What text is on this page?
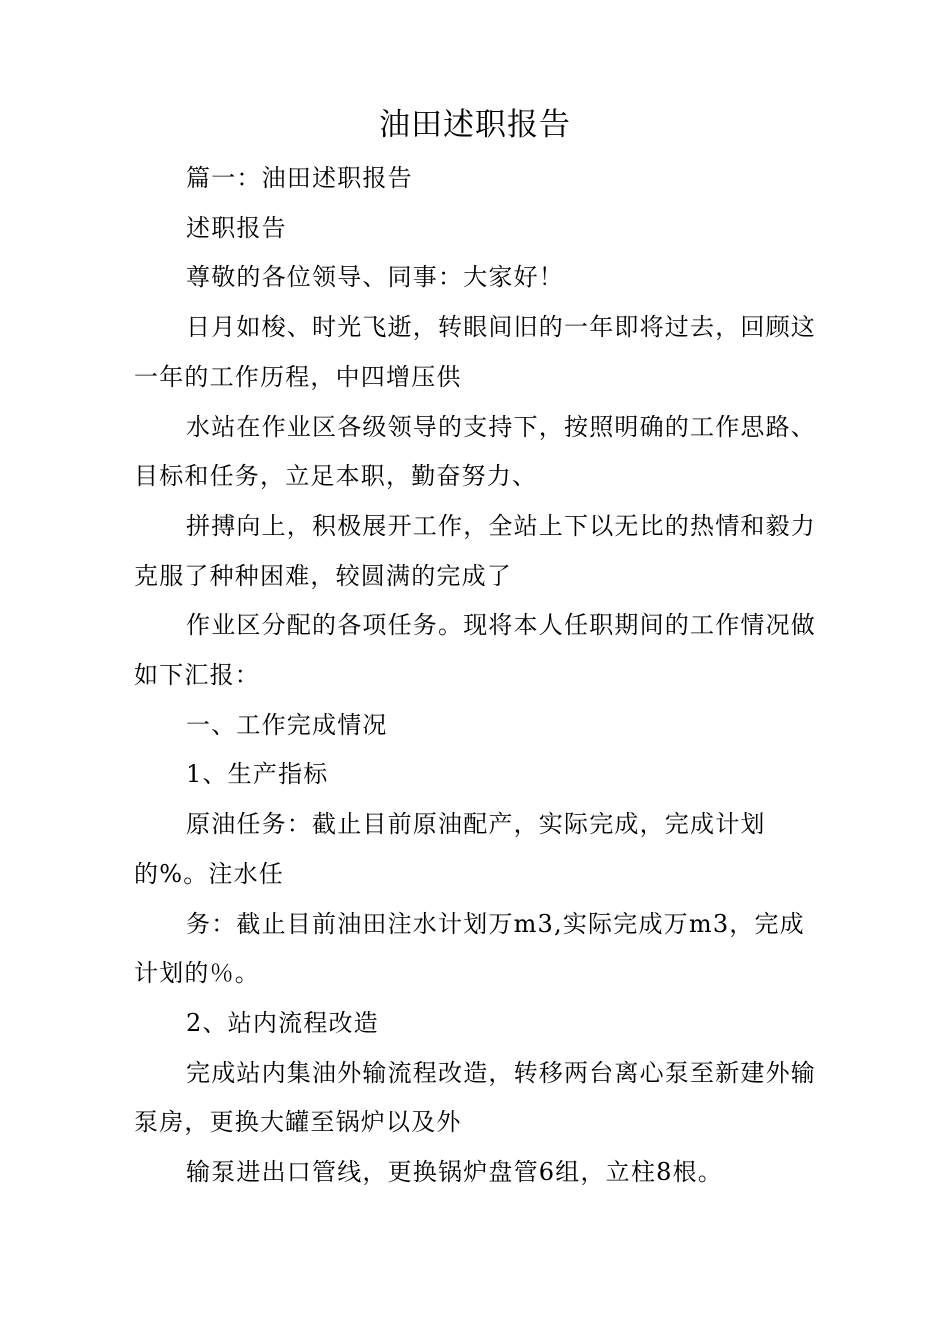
油田述职报告

篇一：油田述职报告

述职报告

尊敬的各位领导、同事：大家好！

日月如梭、时光飞逝，转眼间旧的一年即将过去，回顾这一年的工作历程，中四增压供

水站在作业区各级领导的支持下，按照明确的工作思路、目标和任务，立足本职，勤奋努力、

拼搏向上，积极展开工作，全站上下以无比的热情和毅力克服了种种困难，较圆满的完成了

作业区分配的各项任务。现将本人任职期间的工作情况做如下汇报：

一、工作完成情况

1、生产指标

原油任务：截止目前原油配产，实际完成，完成计划的%。注水任

务：截止目前油田注水计划万m3,实际完成万m3，完成计划的％。

2、站内流程改造

完成站内集油外输流程改造，转移两台离心泵至新建外输泵房，更换大罐至锅炉以及外

输泵进出口管线，更换锅炉盘管6组，立柱8根。
